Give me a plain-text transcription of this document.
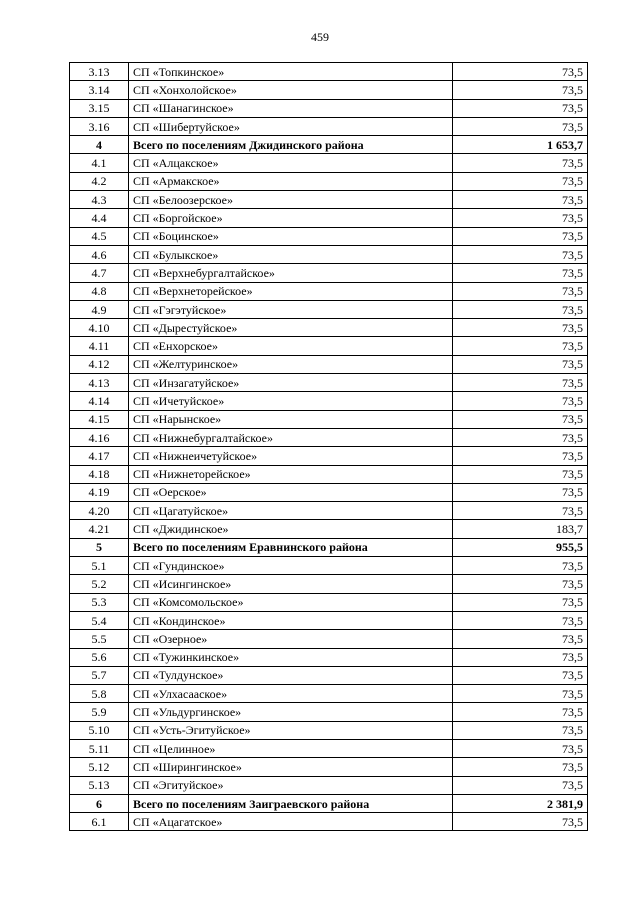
459
3.13	СП «Топкинское»	73,5
3.14	СП «Хонхолойское»	73,5
3.15	СП «Шанагинское»	73,5
3.16	СП «Шибертуйское»	73,5
4	Всего по поселениям Джидинского района	1 653,7
4.1	СП «Алцакское»	73,5
4.2	СП «Армакское»	73,5
4.3	СП «Белоозерское»	73,5
4.4	СП «Боргойское»	73,5
4.5	СП «Боцинское»	73,5
4.6	СП «Булыкское»	73,5
4.7	СП «Верхнебургалтайское»	73,5
4.8	СП «Верхнеторейское»	73,5
4.9	СП «Гэгэтуйское»	73,5
4.10	СП «Дырестуйское»	73,5
4.11	СП «Енхорское»	73,5
4.12	СП «Желтуринское»	73,5
4.13	СП «Инзагатуйское»	73,5
4.14	СП «Ичетуйское»	73,5
4.15	СП «Нарынское»	73,5
4.16	СП «Нижнебургалтайское»	73,5
4.17	СП «Нижнеичетуйское»	73,5
4.18	СП «Нижнеторейское»	73,5
4.19	СП «Оерское»	73,5
4.20	СП «Цагатуйское»	73,5
4.21	СП «Джидинское»	183,7
5	Всего по поселениям Еравнинского района	955,5
5.1	СП «Гундинское»	73,5
5.2	СП «Исингинское»	73,5
5.3	СП «Комсомольское»	73,5
5.4	СП «Кондинское»	73,5
5.5	СП «Озерное»	73,5
5.6	СП «Тужинкинское»	73,5
5.7	СП «Тулдунское»	73,5
5.8	СП «Улхасаaское»	73,5
5.9	СП «Ульдургинское»	73,5
5.10	СП «Усть-Эгитуйское»	73,5
5.11	СП «Целинное»	73,5
5.12	СП «Ширингинское»	73,5
5.13	СП «Эгитуйское»	73,5
6	Всего по поселениям Заиграевского района	2 381,9
6.1	СП «Ацагатское»	73,5
